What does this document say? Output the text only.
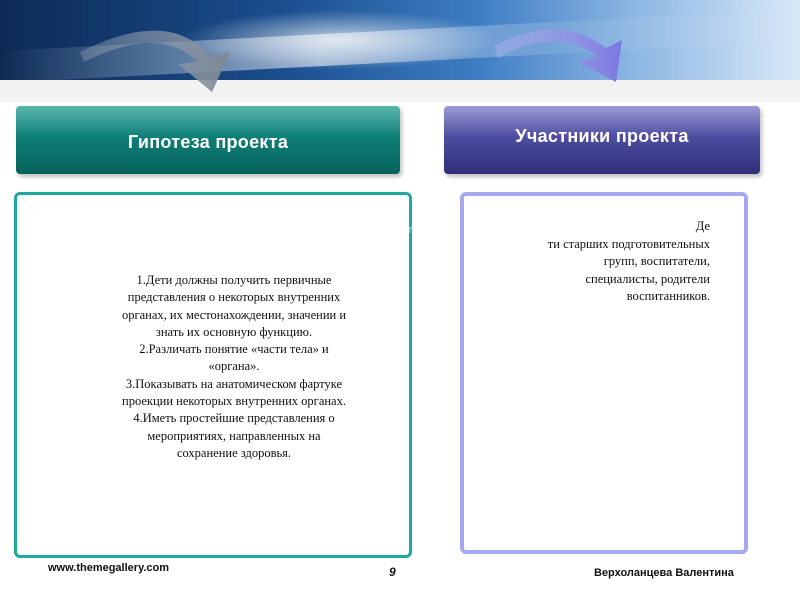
Гипотеза проекта	Участники проекта
п
1.Дети должны получить первичные
представления о некоторых внутренних
органах, их местонахождении, значении и
знать их основную функцию.
2.Различать понятие «части тела» и
«органа».
3.Показывать на анатомическом фартуке
проекции некоторых внутренних органах.
4.Иметь простейшие представления о
мероприятиях, направленных на
сохранение здоровья.
Де
ти старших подготовительных
групп, воспитатели,
специалисты, родители
воспитанников.
www.themegallery.com	9	Верхоланцева Валентина
